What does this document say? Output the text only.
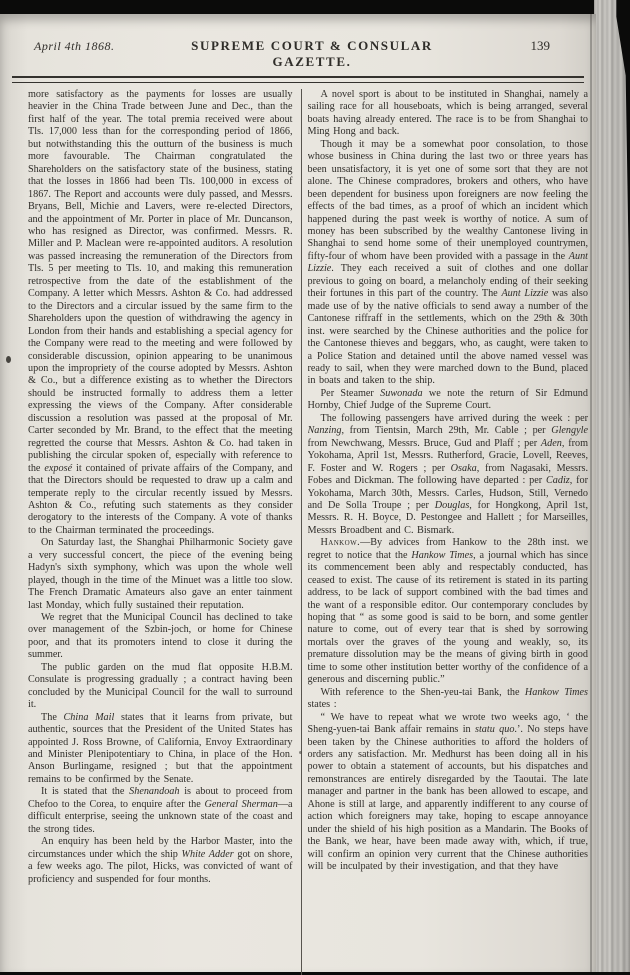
April 4th 1868.	SUPREME COURT & CONSULAR GAZETTE.
139

more satisfactory as the payments for losses are usually heavier in the China Trade between June and Dec., than the first half of the year. The total premia received were about Tls. 17,000 less than for the corresponding period of 1866, but notwithstanding this the outturn of the business is much more favourable. The Chairman congratulated the Shareholders on the satisfactory state of the business, stating that the losses in 1866 had been Tls. 100,000 in excess of 1867. The Report and accounts were duly passed, and Messrs. Bryans, Bell, Michie and Lavers, were re-elected Directors, and the appointment of Mr. Porter in place of Mr. Duncanson, who has resigned as Director, was confirmed. Messrs. R. Miller and P. Maclean were re-appointed auditors. A resolution was passed increasing the remuneration of the Directors from Tls. 5 per meeting to Tls. 10, and making this remuneration retrospective from the date of the establishment of the Company. A letter which Messrs. Ashton & Co. had addressed to the Directors and a circular issued by the same firm to the Shareholders upon the question of withdrawing the agency in London from their hands and establishing a special agency for the Company were read to the meeting and were followed by considerable discussion, opinion appearing to be unanimous upon the impropriety of the course adopted by Messrs. Ashton & Co., but a difference existing as to whether the Directors should be instructed formally to address them a letter expressing the views of the Company. After considerable discussion a resolution was passed at the proposal of Mr. Carter seconded by Mr. Brand, to the effect that the meeting regretted the course that Messrs. Ashton & Co. had taken in publishing the circular spoken of, especially with reference to the exposé it contained of private affairs of the Company, and that the Directors should be requested to draw up a calm and temperate reply to the circular recently issued by Messrs. Ashton & Co., refuting such statements as they consider derogatory to the interests of the Company. A vote of thanks to the Chairman terminated the proceedings.

On Saturday last, the Shanghai Philharmonic Society gave a very successful concert, the piece of the evening being Hadyn's sixth symphony, which was upon the whole well played, though in the time of the Minuet was a little too slow. The French Dramatic Amateurs also gave an enter tainment last Monday, which fully sustained their reputation.

We regret that the Municipal Council has declined to take over management of the Szbin-joch, or home for Chinese poor, and that its promoters intend to close it during the summer.

The public garden on the mud flat opposite H.B.M. Consulate is progressing gradually ; a contract having been concluded by the Municipal Council for the wall to surround it.

The China Mail states that it learns from private, but authentic, sources that the President of the United States has appointed J. Ross Browne, of California, Envoy Extraordinary and Minister Plenipotentiary to China, in place of the Hon. Anson Burlingame, resigned ; but that the appointment remains to be confirmed by the Senate.

It is stated that the Shenandoah is about to proceed from Chefoo to the Corea, to enquire after the General Sherman—a difficult enterprise, seeing the unknown state of the coast and the strong tides.

An enquiry has been held by the Harbor Master, into the circumstances under which the ship White Adder got on shore, a few weeks ago. The pilot, Hicks, was convicted of want of proficiency and suspended for four months.

A novel sport is about to be instituted in Shanghai, namely a sailing race for all houseboats, which is being arranged, several boats having already entered. The race is to be from Shanghai to Ming Hong and back.

Though it may be a somewhat poor consolation, to those whose business in China during the last two or three years has been unsatisfactory, it is yet one of some sort that they are not alone. The Chinese compradores, brokers and others, who have been dependent for business upon foreigners are now feeling the effects of the bad times, as a proof of which an incident which happened during the past week is worthy of notice. A sum of money has been subscribed by the wealthy Cantonese living in Shanghai to send home some of their unemployed countrymen, fifty-four of whom have been provided with a passage in the Aunt Lizzie. They each received a suit of clothes and one dollar previous to going on board, a melancholy ending of their seeking their fortunes in this part of the country. The Aunt Lizzie was also made use of by the native officials to send away a number of the Cantonese riffraff in the settlements, which on the 29th & 30th inst. were searched by the Chinese authorities and the police for the Cantonese thieves and beggars, who, as caught, were taken to a Police Station and detained until the above named vessel was ready to sail, when they were marched down to the Bund, placed in boats and taken to the ship.

Per Steamer Suwonada we note the return of Sir Edmund Hornby, Chief Judge of the Supreme Court.

The following passengers have arrived during the week : per Nanzing, from Tientsin, March 29th, Mr. Cable ; per Glengyle from Newchwang, Messrs. Bruce, Gud and Plaff ; per Aden, from Yokohama, April 1st, Messrs. Rutherford, Gracie, Lovell, Reeves, F. Foster and W. Rogers ; per Osaka, from Nagasaki, Messrs. Fobes and Dickman. The following have departed : per Cadiz, for Yokohama, March 30th, Messrs. Carles, Hudson, Still, Vernedo and De Solla Troupe ; per Douglas, for Hongkong, April 1st, Messrs. R. H. Boyce, D. Pestongee and Hallett ; for Marseilles, Messrs Broadbent and C. Bismark.

Hankow.—By advices from Hankow to the 28th inst. we regret to notice that the Hankow Times, a journal which has since its commencement been ably and respectably conducted, has ceased to exist. The cause of its retirement is stated in its parting address, to be lack of support combined with the bad times and the want of a responsible editor. Our contemporary concludes by hoping that “ as some good is said to be born, and some gentler nature to come, out of every tear that is shed by sorrowing mortals over the graves of the young and weakly, so, its premature dissolution may be the means of giving birth in good time to some other institution better worthy of the confidence of a generous and discerning public.”

With reference to the Shen-yeu-tai Bank, the Hankow Times states :

“ We have to repeat what we wrote two weeks ago, ‘ the Sheng-yuen-tai Bank affair remains in statu quo.’. No steps have been taken by the Chinese authorities to afford the holders of orders any satisfaction. Mr. Medhurst has been doing all in his power to obtain a statement of accounts, but his dispatches and remonstrances are entirely disregarded by the Taoutai. The late manager and partner in the bank has been allowed to escape, and Ahone is still at large, and apparently indifferent to any course of action which foreigners may take, hoping to escape annoyance under the shield of his high position as a Mandarin. The Books of the Bank, we hear, have been made away with, which, if true, will confirm an opinion very current that the Chinese authorities will be inculpated by their investigation, and that they have
